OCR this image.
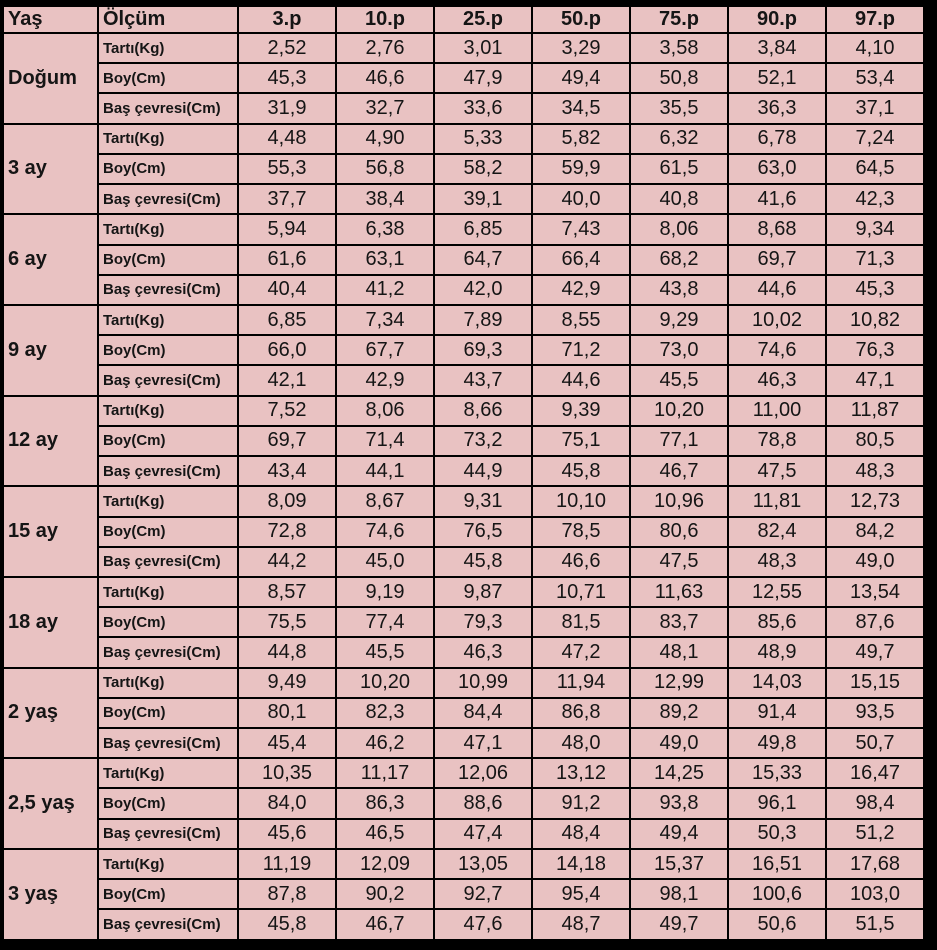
Yaş	Ölçüm	3.p	10.p	25.p	50.p	75.p	90.p	97.p
Doğum	Tartı(Kg)	2,52	2,76	3,01	3,29	3,58	3,84	4,10
	Boy(Cm)	45,3	46,6	47,9	49,4	50,8	52,1	53,4
	Baş çevresi(Cm)	31,9	32,7	33,6	34,5	35,5	36,3	37,1
3 ay	Tartı(Kg)	4,48	4,90	5,33	5,82	6,32	6,78	7,24
	Boy(Cm)	55,3	56,8	58,2	59,9	61,5	63,0	64,5
	Baş çevresi(Cm)	37,7	38,4	39,1	40,0	40,8	41,6	42,3
6 ay	Tartı(Kg)	5,94	6,38	6,85	7,43	8,06	8,68	9,34
	Boy(Cm)	61,6	63,1	64,7	66,4	68,2	69,7	71,3
	Baş çevresi(Cm)	40,4	41,2	42,0	42,9	43,8	44,6	45,3
9 ay	Tartı(Kg)	6,85	7,34	7,89	8,55	9,29	10,02	10,82
	Boy(Cm)	66,0	67,7	69,3	71,2	73,0	74,6	76,3
	Baş çevresi(Cm)	42,1	42,9	43,7	44,6	45,5	46,3	47,1
12 ay	Tartı(Kg)	7,52	8,06	8,66	9,39	10,20	11,00	11,87
	Boy(Cm)	69,7	71,4	73,2	75,1	77,1	78,8	80,5
	Baş çevresi(Cm)	43,4	44,1	44,9	45,8	46,7	47,5	48,3
15 ay	Tartı(Kg)	8,09	8,67	9,31	10,10	10,96	11,81	12,73
	Boy(Cm)	72,8	74,6	76,5	78,5	80,6	82,4	84,2
	Baş çevresi(Cm)	44,2	45,0	45,8	46,6	47,5	48,3	49,0
18 ay	Tartı(Kg)	8,57	9,19	9,87	10,71	11,63	12,55	13,54
	Boy(Cm)	75,5	77,4	79,3	81,5	83,7	85,6	87,6
	Baş çevresi(Cm)	44,8	45,5	46,3	47,2	48,1	48,9	49,7
2 yaş	Tartı(Kg)	9,49	10,20	10,99	11,94	12,99	14,03	15,15
	Boy(Cm)	80,1	82,3	84,4	86,8	89,2	91,4	93,5
	Baş çevresi(Cm)	45,4	46,2	47,1	48,0	49,0	49,8	50,7
2,5 yaş	Tartı(Kg)	10,35	11,17	12,06	13,12	14,25	15,33	16,47
	Boy(Cm)	84,0	86,3	88,6	91,2	93,8	96,1	98,4
	Baş çevresi(Cm)	45,6	46,5	47,4	48,4	49,4	50,3	51,2
3 yaş	Tartı(Kg)	11,19	12,09	13,05	14,18	15,37	16,51	17,68
	Boy(Cm)	87,8	90,2	92,7	95,4	98,1	100,6	103,0
	Baş çevresi(Cm)	45,8	46,7	47,6	48,7	49,7	50,6	51,5
